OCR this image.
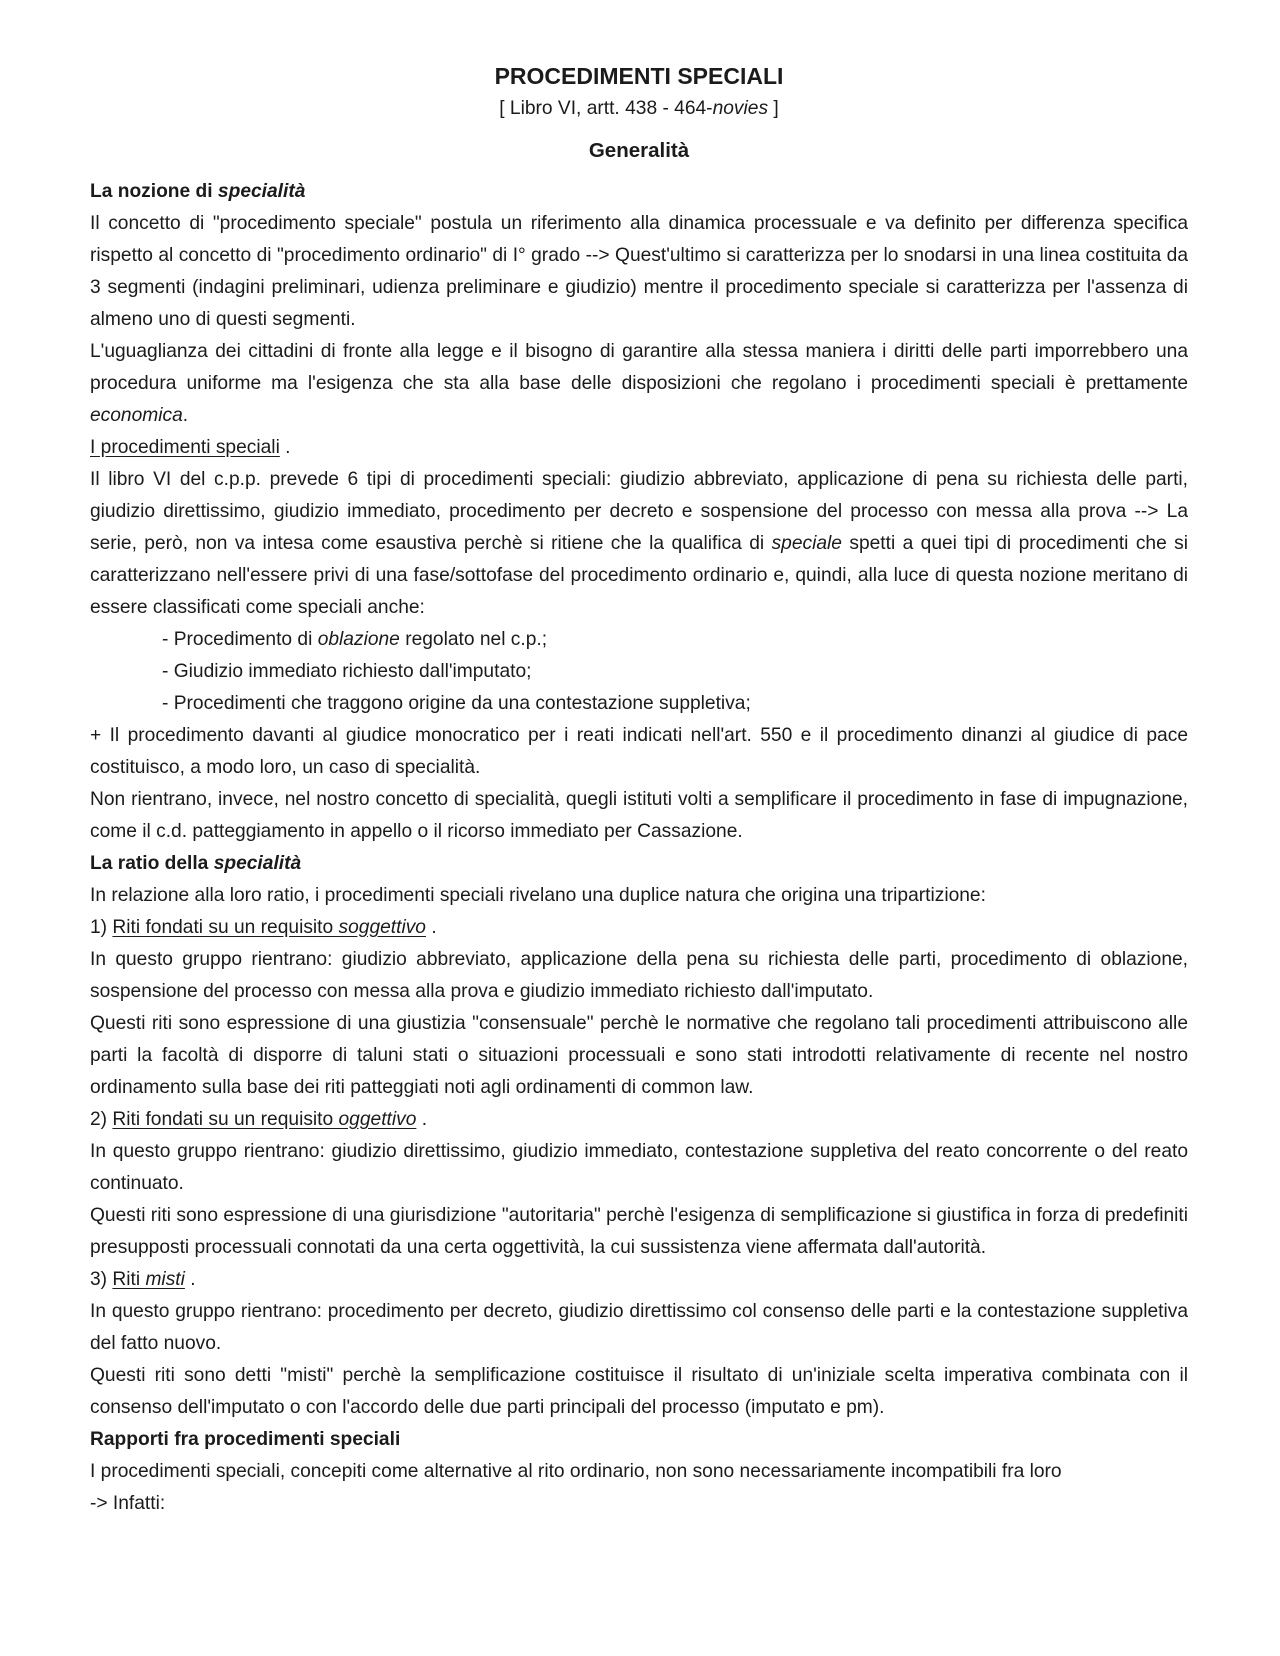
PROCEDIMENTI SPECIALI

[ Libro VI, artt. 438 - 464-novies ]

Generalità

La nozione di specialità

Il concetto di "procedimento speciale" postula un riferimento alla dinamica processuale e va definito per differenza specifica rispetto al concetto di "procedimento ordinario" di I° grado --> Quest'ultimo si caratterizza per lo snodarsi in una linea costituita da 3 segmenti (indagini preliminari, udienza preliminare e giudizio) mentre il procedimento speciale si caratterizza per l'assenza di almeno uno di questi segmenti.

L'uguaglianza dei cittadini di fronte alla legge e il bisogno di garantire alla stessa maniera i diritti delle parti imporrebbero una procedura uniforme ma l'esigenza che sta alla base delle disposizioni che regolano i procedimenti speciali è prettamente economica.

I procedimenti speciali .

Il libro VI del c.p.p. prevede 6 tipi di procedimenti speciali: giudizio abbreviato, applicazione di pena su richiesta delle parti, giudizio direttissimo, giudizio immediato, procedimento per decreto e sospensione del processo con messa alla prova --> La serie, però, non va intesa come esaustiva perchè si ritiene che la qualifica di speciale spetti a quei tipi di procedimenti che si caratterizzano nell'essere privi di una fase/sottofase del procedimento ordinario e, quindi, alla luce di questa nozione meritano di essere classificati come speciali anche:

- Procedimento di oblazione regolato nel c.p.;
- Giudizio immediato richiesto dall'imputato;
- Procedimenti che traggono origine da una contestazione suppletiva;

+ Il procedimento davanti al giudice monocratico per i reati indicati nell'art. 550 e il procedimento dinanzi al giudice di pace costituisco, a modo loro, un caso di specialità.

Non rientrano, invece, nel nostro concetto di specialità, quegli istituti volti a semplificare il procedimento in fase di impugnazione, come il c.d. patteggiamento in appello o il ricorso immediato per Cassazione.

La ratio della specialità

In relazione alla loro ratio, i procedimenti speciali rivelano una duplice natura che origina una tripartizione:

1) Riti fondati su un requisito soggettivo .

In questo gruppo rientrano: giudizio abbreviato, applicazione della pena su richiesta delle parti, procedimento di oblazione, sospensione del processo con messa alla prova e giudizio immediato richiesto dall'imputato.

Questi riti sono espressione di una giustizia "consensuale" perchè le normative che regolano tali procedimenti attribuiscono alle parti la facoltà di disporre di taluni stati o situazioni processuali e sono stati introdotti relativamente di recente nel nostro ordinamento sulla base dei riti patteggiati noti agli ordinamenti di common law.

2) Riti fondati su un requisito oggettivo .

In questo gruppo rientrano: giudizio direttissimo, giudizio immediato, contestazione suppletiva del reato concorrente o del reato continuato.

Questi riti sono espressione di una giurisdizione "autoritaria" perchè l'esigenza di semplificazione si giustifica in forza di predefiniti presupposti processuali connotati da una certa oggettività, la cui sussistenza viene affermata dall'autorità.

3) Riti misti .

In questo gruppo rientrano: procedimento per decreto, giudizio direttissimo col consenso delle parti e la contestazione suppletiva del fatto nuovo.

Questi riti sono detti "misti" perchè la semplificazione costituisce il risultato di un'iniziale scelta imperativa combinata con il consenso dell'imputato o con l'accordo delle due parti principali del processo (imputato e pm).

Rapporti fra procedimenti speciali

I procedimenti speciali, concepiti come alternative al rito ordinario, non sono necessariamente incompatibili fra loro

-> Infatti:
